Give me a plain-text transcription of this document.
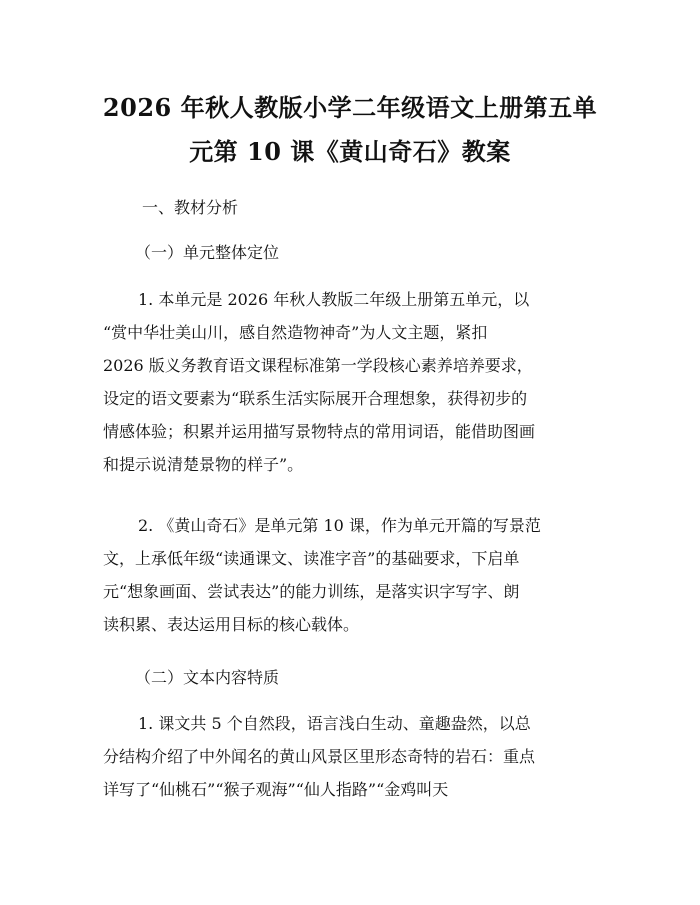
2026 年秋人教版小学二年级语文上册第五单
元第 10 课《黄山奇石》教案

一、教材分析

（一）单元整体定位

1. 本单元是 2026 年秋人教版二年级上册第五单元，以

“赏中华壮美山川，感自然造物神奇”为人文主题，紧扣

2026 版义务教育语文课程标准第一学段核心素养培养要求，

设定的语文要素为“联系生活实际展开合理想象，获得初步的

情感体验；积累并运用描写景物特点的常用词语，能借助图画

和提示说清楚景物的样子”。

2. 《黄山奇石》是单元第 10 课，作为单元开篇的写景范

文，上承低年级“读通课文、读准字音”的基础要求，下启单

元“想象画面、尝试表达”的能力训练，是落实识字写字、朗

读积累、表达运用目标的核心载体。

（二）文本内容特质

1. 课文共 5 个自然段，语言浅白生动、童趣盎然，以总

分结构介绍了中外闻名的黄山风景区里形态奇特的岩石：重点

详写了“仙桃石”“猴子观海”“仙人指路”“金鸡叫天
